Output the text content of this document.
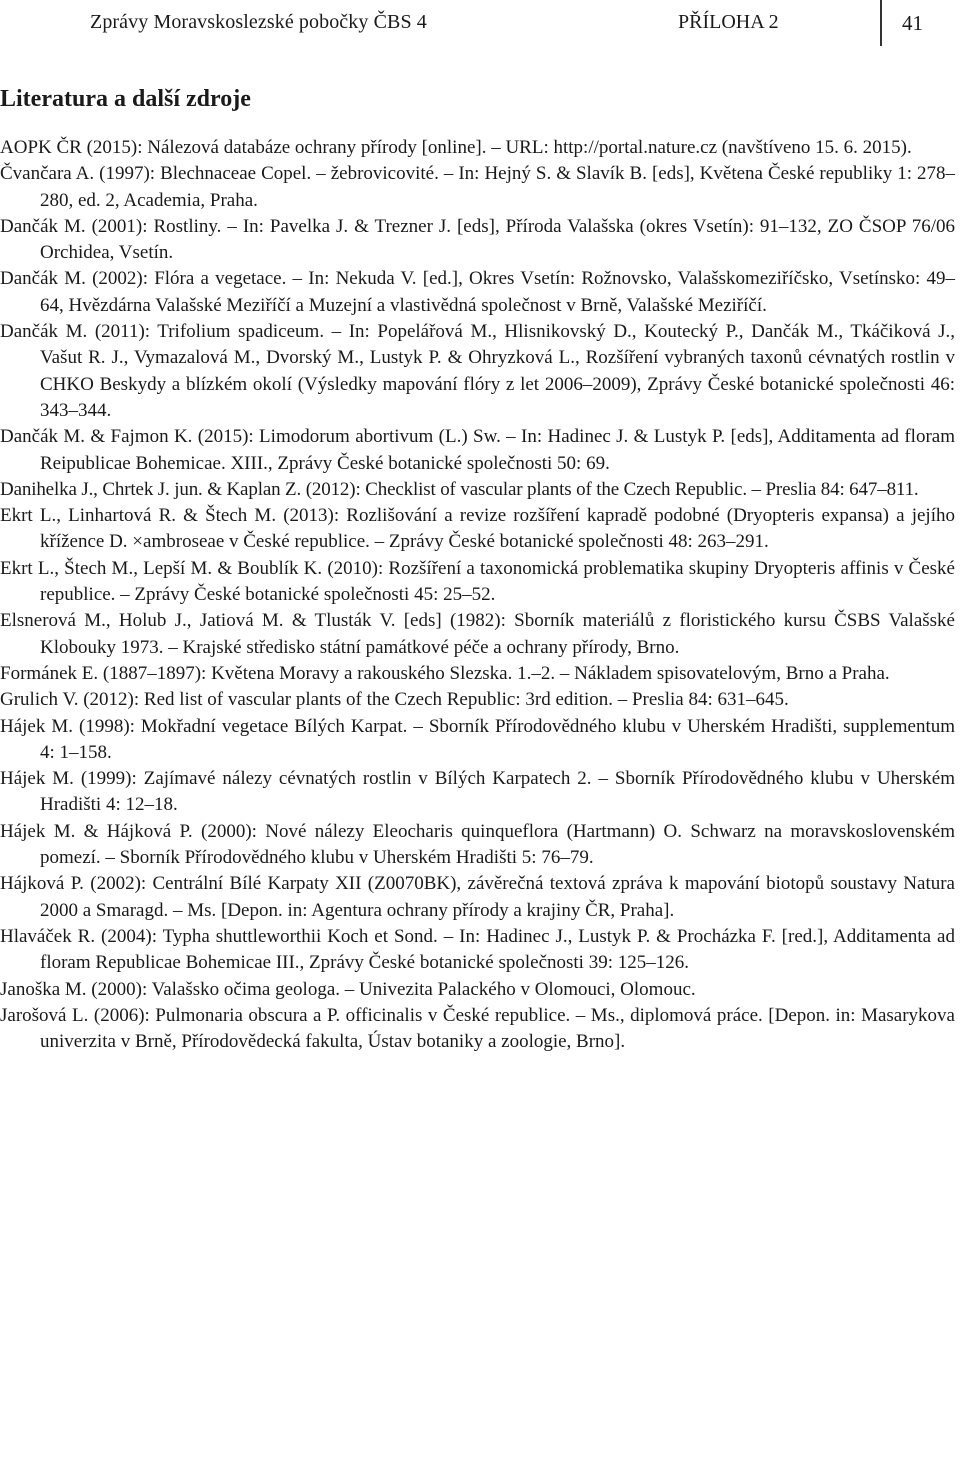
Zprávy Moravskoslezské pobočky ČBS 4	PŘÍLOHA 2	41
Literatura a další zdroje
AOPK ČR (2015): Nálezová databáze ochrany přírody [online]. – URL: http://portal.nature.cz (navštíveno 15. 6. 2015).
Čvančara A. (1997): Blechnaceae Copel. – žebrovicovité. – In: Hejný S. & Slavík B. [eds], Květena České republiky 1: 278–280, ed. 2, Academia, Praha.
Dančák M. (2001): Rostliny. – In: Pavelka J. & Trezner J. [eds], Příroda Valašska (okres Vsetín): 91–132, ZO ČSOP 76/06 Orchidea, Vsetín.
Dančák M. (2002): Flóra a vegetace. – In: Nekuda V. [ed.], Okres Vsetín: Rožnovsko, Valašskomeziříčsko, Vsetínsko: 49–64, Hvězdárna Valašské Meziříčí a Muzejní a vlastivědná společnost v Brně, Valašské Meziříčí.
Dančák M. (2011): Trifolium spadiceum. – In: Popelářová M., Hlisnikovský D., Koutecký P., Dančák M., Tkáčiková J., Vašut R. J., Vymazalová M., Dvorský M., Lustyk P. & Ohryzková L., Rozšíření vybraných taxonů cévnatých rostlin v CHKO Beskydy a blízkém okolí (Výsledky mapování flóry z let 2006–2009), Zprávy České botanické společnosti 46: 343–344.
Dančák M. & Fajmon K. (2015): Limodorum abortivum (L.) Sw. – In: Hadinec J. & Lustyk P. [eds], Additamenta ad floram Reipublicae Bohemicae. XIII., Zprávy České botanické společnosti 50: 69.
Danihelka J., Chrtek J. jun. & Kaplan Z. (2012): Checklist of vascular plants of the Czech Republic. – Preslia 84: 647–811.
Ekrt L., Linhartová R. & Štech M. (2013): Rozlišování a revize rozšíření kapradě podobné (Dryopteris expansa) a jejího křížence D. ×ambroseae v České republice. – Zprávy České botanické společnosti 48: 263–291.
Ekrt L., Štech M., Lepší M. & Boublík K. (2010): Rozšíření a taxonomická problematika skupiny Dryopteris affinis v České republice. – Zprávy České botanické společnosti 45: 25–52.
Elsnerová M., Holub J., Jatiová M. & Tlusták V. [eds] (1982): Sborník materiálů z floristického kursu ČSBS Valašské Klobouky 1973. – Krajské středisko státní památkové péče a ochrany přírody, Brno.
Formánek E. (1887–1897): Květena Moravy a rakouského Slezska. 1.–2. – Nákladem spisovatelovým, Brno a Praha.
Grulich V. (2012): Red list of vascular plants of the Czech Republic: 3rd edition. – Preslia 84: 631–645.
Hájek M. (1998): Mokřadní vegetace Bílých Karpat. – Sborník Přírodovědného klubu v Uherském Hradišti, supplementum 4: 1–158.
Hájek M. (1999): Zajímavé nálezy cévnatých rostlin v Bílých Karpatech 2. – Sborník Přírodovědného klubu v Uherském Hradišti 4: 12–18.
Hájek M. & Hájková P. (2000): Nové nálezy Eleocharis quinqueflora (Hartmann) O. Schwarz na moravskoslovenském pomezí. – Sborník Přírodovědného klubu v Uherském Hradišti 5: 76–79.
Hájková P. (2002): Centrální Bílé Karpaty XII (Z0070BK), závěrečná textová zpráva k mapování biotopů soustavy Natura 2000 a Smaragd. – Ms. [Depon. in: Agentura ochrany přírody a krajiny ČR, Praha].
Hlaváček R. (2004): Typha shuttleworthii Koch et Sond. – In: Hadinec J., Lustyk P. & Procházka F. [red.], Additamenta ad floram Republicae Bohemicae III., Zprávy České botanické společnosti 39: 125–126.
Janoška M. (2000): Valašsko očima geologa. – Univezita Palackého v Olomouci, Olomouc.
Jarošová L. (2006): Pulmonaria obscura a P. officinalis v České republice. – Ms., diplomová práce. [Depon. in: Masarykova univerzita v Brně, Přírodovědecká fakulta, Ústav botaniky a zoologie, Brno].
